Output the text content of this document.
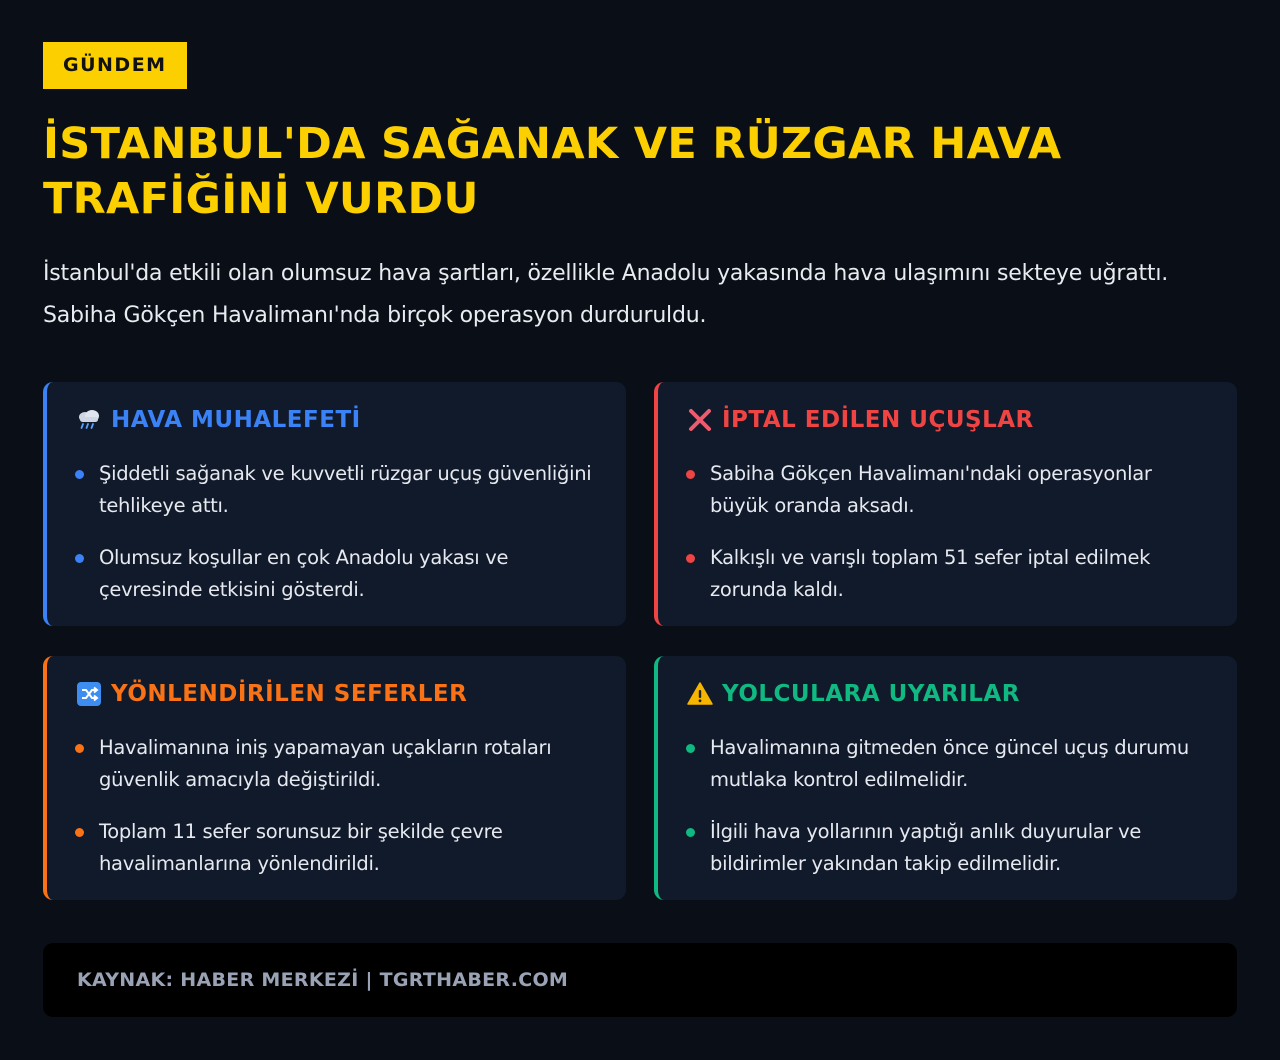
GÜNDEM
İSTANBUL'DA SAĞANAK VE RÜZGAR HAVA TRAFİĞİNİ VURDU

İstanbul'da etkili olan olumsuz hava şartları, özellikle Anadolu yakasında hava ulaşımını sekteye uğrattı. Sabiha Gökçen Havalimanı'nda birçok operasyon durduruldu.

HAVA MUHALEFETİ
Şiddetli sağanak ve kuvvetli rüzgar uçuş güvenliğini tehlikeye attı.
Olumsuz koşullar en çok Anadolu yakası ve çevresinde etkisini gösterdi.
İPTAL EDİLEN UÇUŞLAR
Sabiha Gökçen Havalimanı'ndaki operasyonlar büyük oranda aksadı.
Kalkışlı ve varışlı toplam 51 sefer iptal edilmek zorunda kaldı.
YÖNLENDİRİLEN SEFERLER
Havalimanına iniş yapamayan uçakların rotaları güvenlik amacıyla değiştirildi.
Toplam 11 sefer sorunsuz bir şekilde çevre havalimanlarına yönlendirildi.
YOLCULARA UYARILAR
Havalimanına gitmeden önce güncel uçuş durumu mutlaka kontrol edilmelidir.
İlgili hava yollarının yaptığı anlık duyurular ve bildirimler yakından takip edilmelidir.
KAYNAK: HABER MERKEZİ | TGRTHABER.COM
